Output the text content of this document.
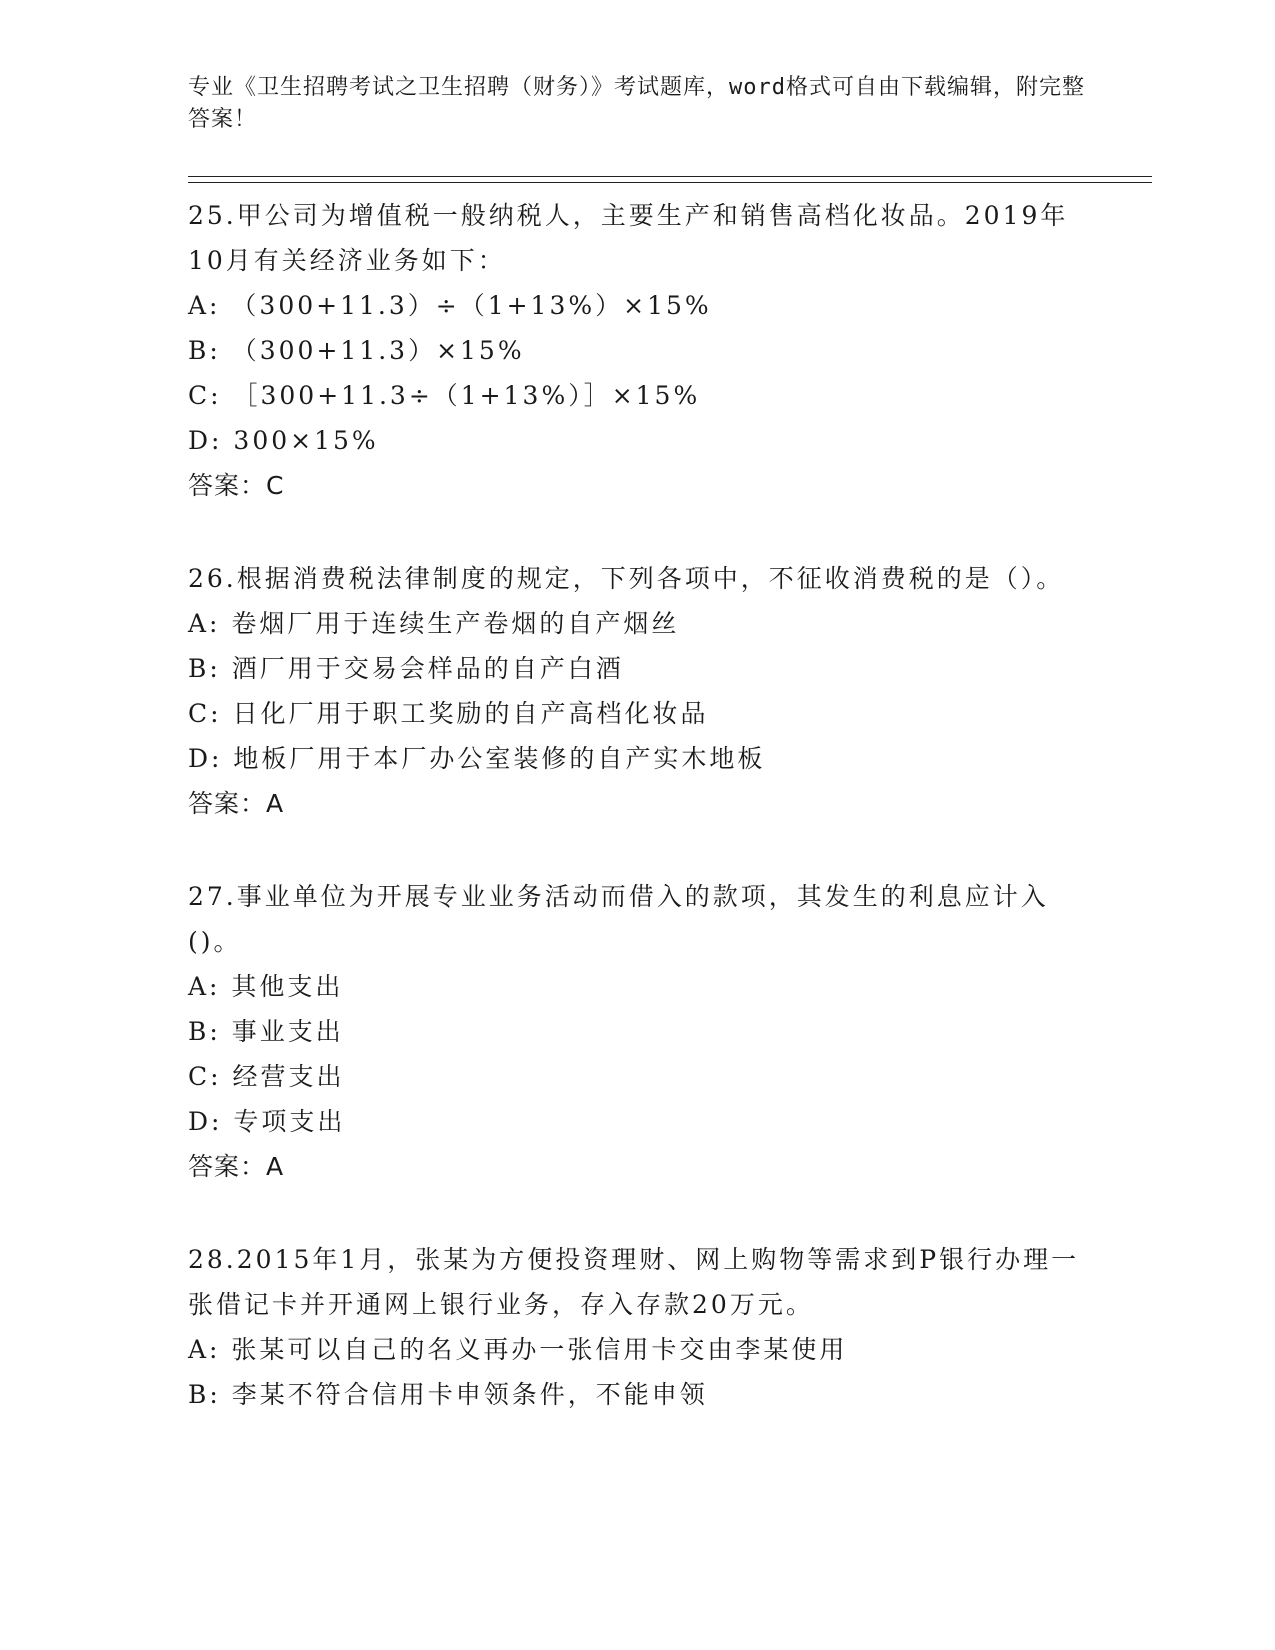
专业《卫生招聘考试之卫生招聘（财务）》考试题库，word格式可自由下载编辑，附完整答案！
25.甲公司为增值税一般纳税人，主要生产和销售高档化妆品。2019年10月有关经济业务如下：
A: （300+11.3）÷（1+13%）×15%
B: （300+11.3）×15%
C: ［300+11.3÷（1+13%）］×15%
D: 300×15%
答案：C
26.根据消费税法律制度的规定，下列各项中，不征收消费税的是（）。
A: 卷烟厂用于连续生产卷烟的自产烟丝
B: 酒厂用于交易会样品的自产白酒
C: 日化厂用于职工奖励的自产高档化妆品
D: 地板厂用于本厂办公室装修的自产实木地板
答案：A
27.事业单位为开展专业业务活动而借入的款项，其发生的利息应计入()。
A: 其他支出
B: 事业支出
C: 经营支出
D: 专项支出
答案：A
28.2015年1月，张某为方便投资理财、网上购物等需求到P银行办理一张借记卡并开通网上银行业务，存入存款20万元。
A: 张某可以自己的名义再办一张信用卡交由李某使用
B: 李某不符合信用卡申领条件，不能申领
